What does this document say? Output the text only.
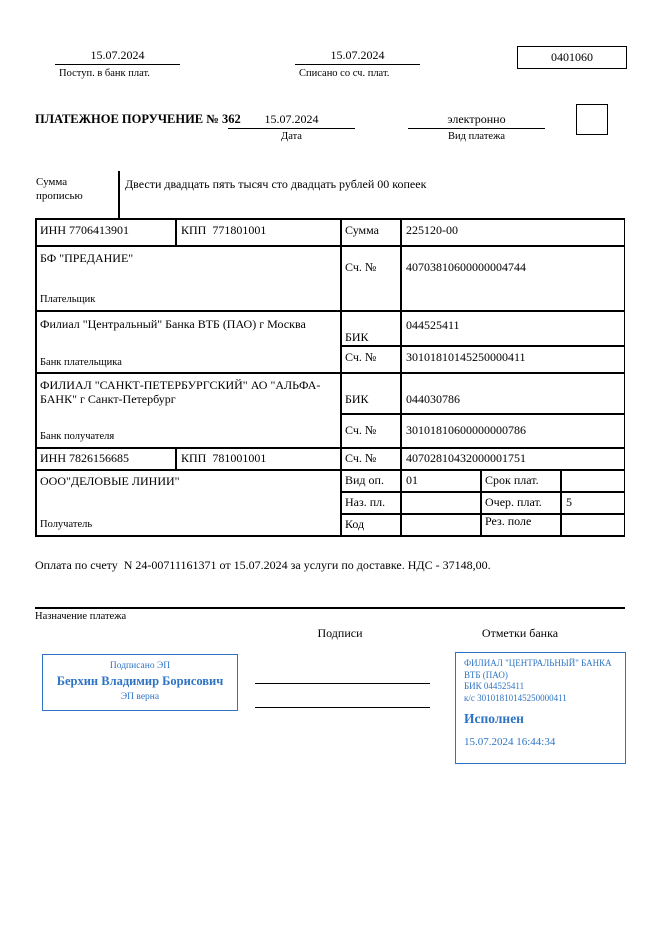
15.07.2024
Поступ. в банк плат.
15.07.2024
Списано со сч. плат.
0401060
ПЛАТЕЖНОЕ ПОРУЧЕНИЕ № 362	15.07.2024
Дата
электронно
Вид платежа
Сумма
прописью
Двести двадцать пять тысяч сто двадцать рублей 00 копеек
ИНН 7706413901	КПП  771801001	Сумма 225120-00
БФ "ПРЕДАНИЕ"
Плательщик
Сч. № 40703810600000004744
Филиал "Центральный" Банка ВТБ (ПАО) г Москва
Банк плательщика
БИК
044525411
Сч. № 30101810145250000411
ФИЛИАЛ "САНКТ-ПЕТЕРБУРГСКИЙ" АО "АЛЬФА-БАНК" г Санкт-Петербург
Банк получателя
БИК	044030786
Сч. № 30101810600000000786
ИНН 7826156685	КПП  781001001	Сч. № 40702810432000001751
ООО"ДЕЛОВЫЕ ЛИНИИ"
Получатель
Вид оп. 01	Срок плат.
Наз. пл.	Очер. плат. 5
Код	Рез. поле
Оплата по счету  N 24-00711161371 от 15.07.2024 за услуги по доставке. НДС - 37148,00.
Назначение платежа
Подписи	Отметки банка
Подписано ЭП
Берхин Владимир Борисович
ЭП верна
ФИЛИАЛ "ЦЕНТРАЛЬНЫЙ" БАНКА ВТБ (ПАО)
БИК 044525411
к/с 30101810145250000411
Исполнен
15.07.2024 16:44:34
